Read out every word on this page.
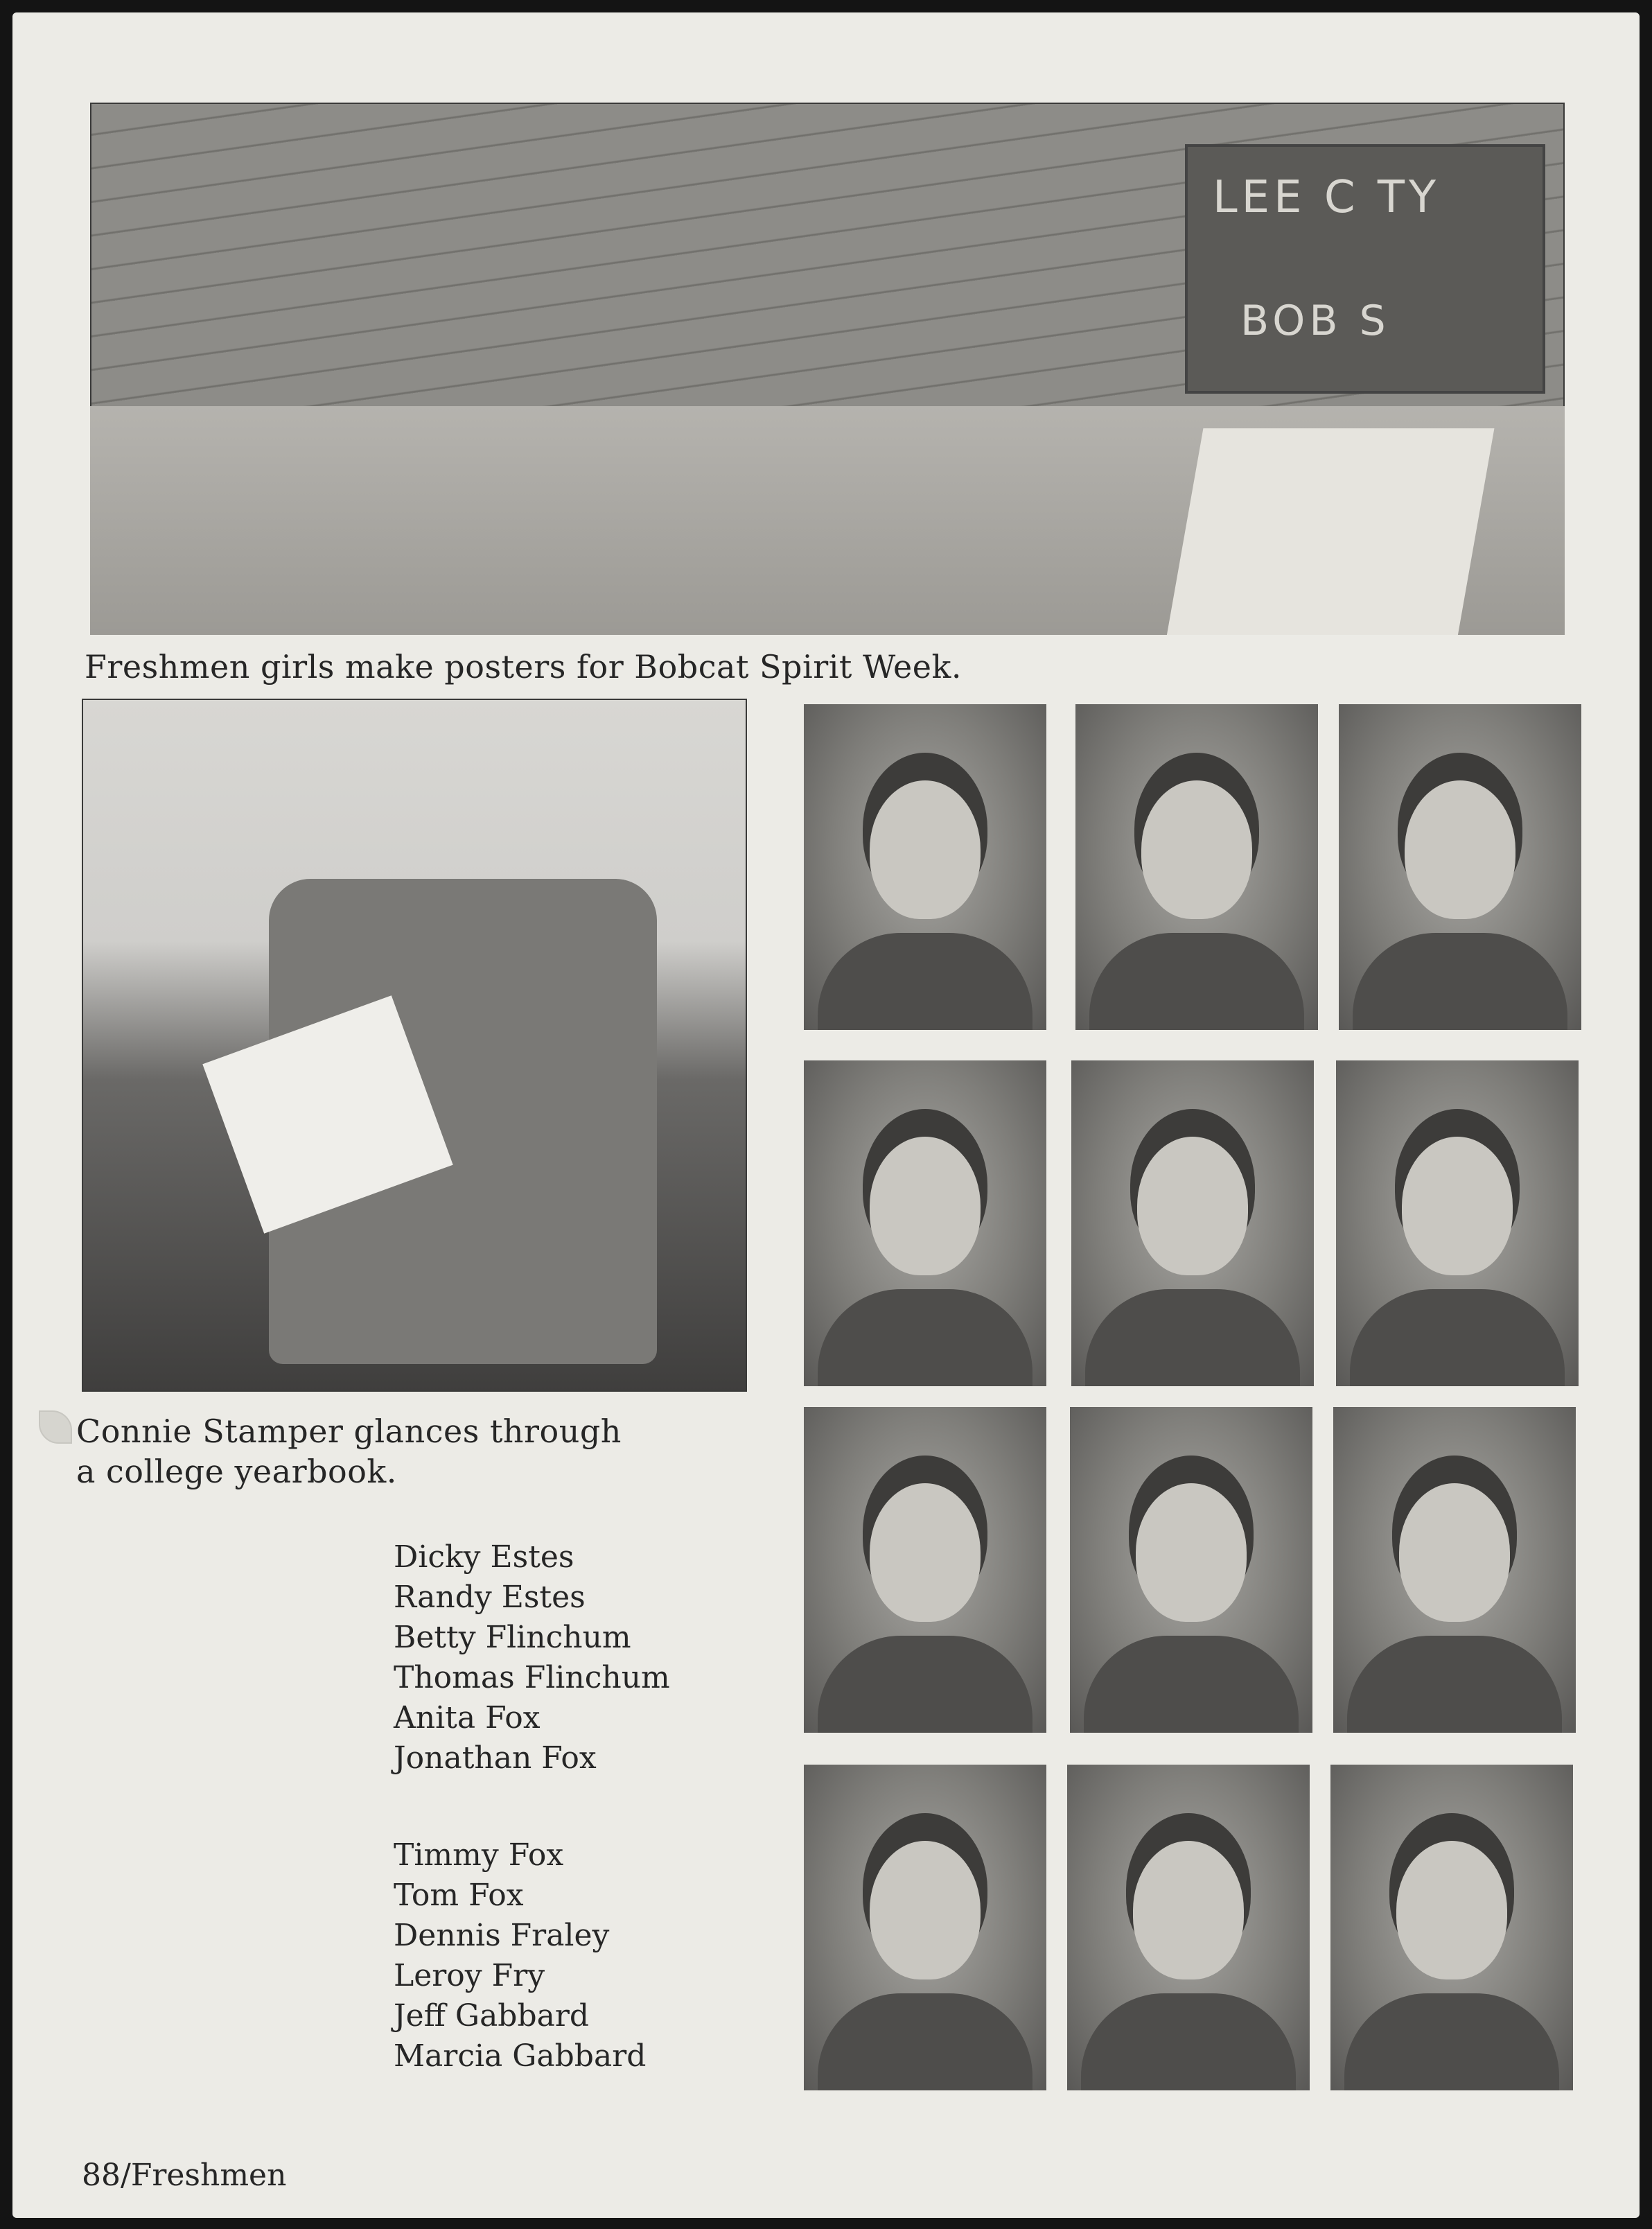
LEE C TY
BOB S
Freshmen girls make posters for Bobcat Spirit Week.
Connie Stamper glances through
a college yearbook.
Dicky Estes
Randy Estes
Betty Flinchum
Thomas Flinchum
Anita Fox
Jonathan Fox
Timmy Fox
Tom Fox
Dennis Fraley
Leroy Fry
Jeff Gabbard
Marcia Gabbard
88/Freshmen
